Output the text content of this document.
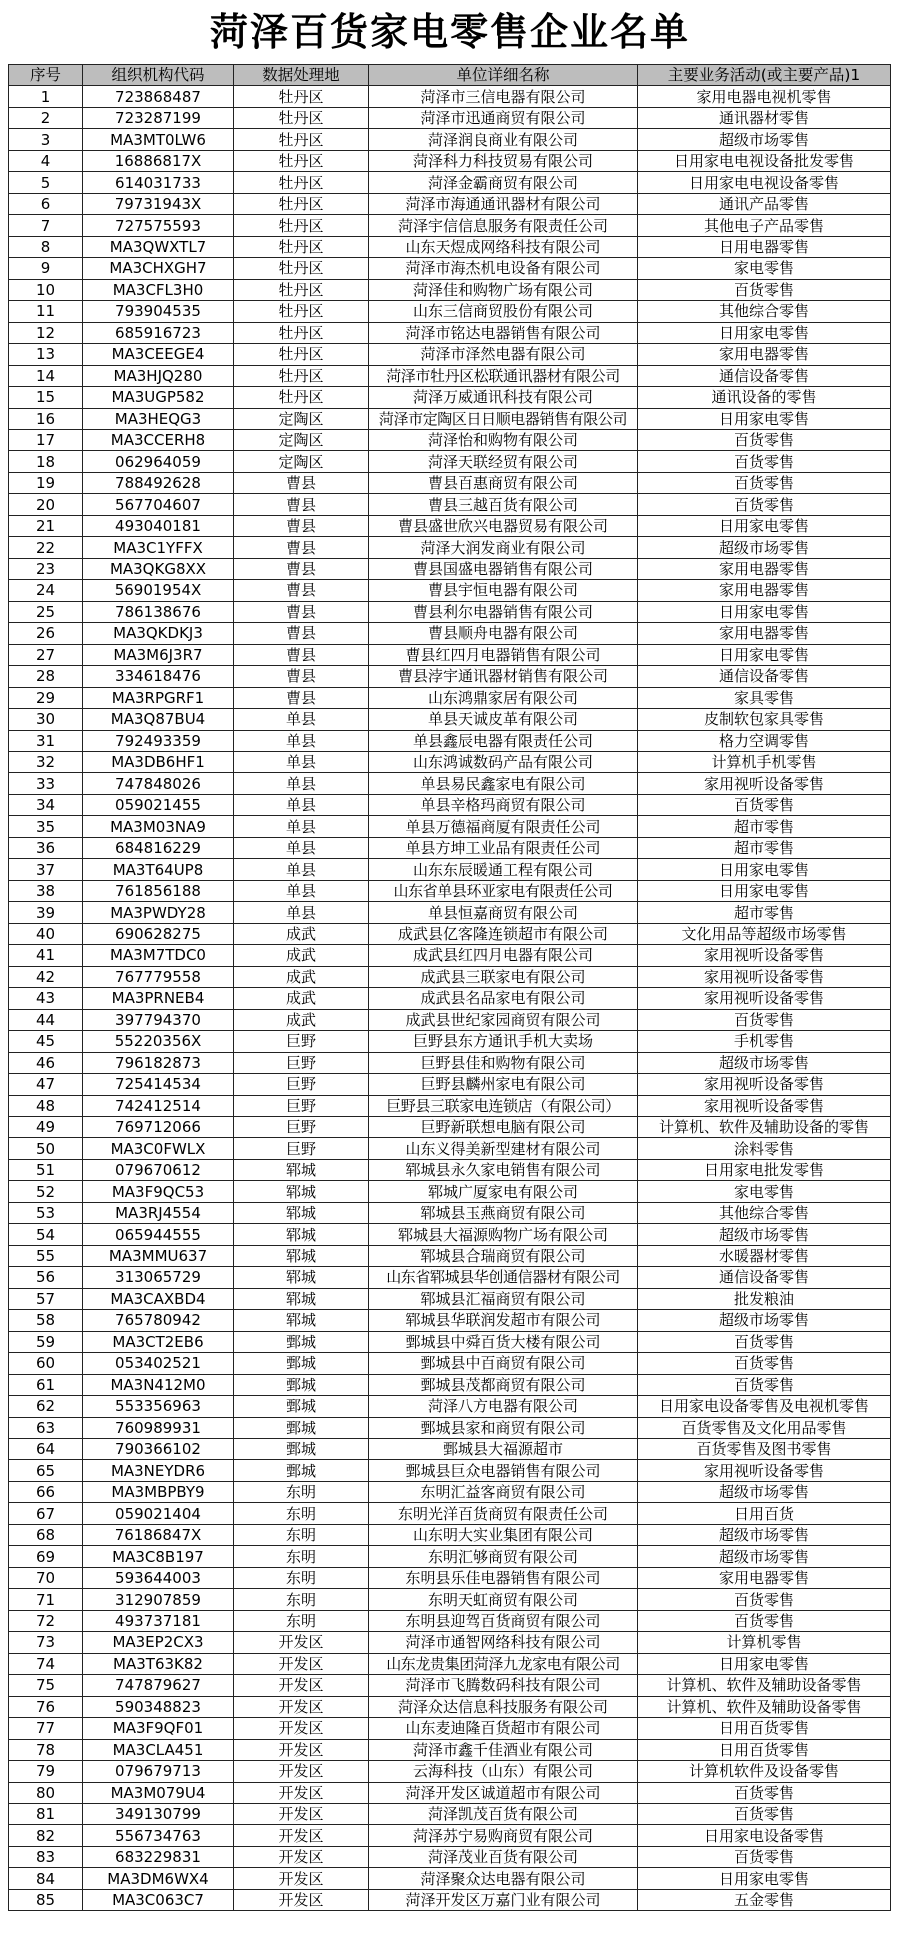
菏泽百货家电零售企业名单
序号	组织机构代码	数据处理地	单位详细名称	主要业务活动(或主要产品)1
1	723868487	牡丹区	菏泽市三信电器有限公司	家用电器电视机零售
2	723287199	牡丹区	菏泽市迅通商贸有限公司	通讯器材零售
3	MA3MT0LW6	牡丹区	菏泽润良商业有限公司	超级市场零售
4	16886817X	牡丹区	菏泽科力科技贸易有限公司	日用家电电视设备批发零售
5	614031733	牡丹区	菏泽金霸商贸有限公司	日用家电电视设备零售
6	79731943X	牡丹区	菏泽市海通通讯器材有限公司	通讯产品零售
7	727575593	牡丹区	菏泽宇信信息服务有限责任公司	其他电子产品零售
8	MA3QWXTL7	牡丹区	山东天煜成网络科技有限公司	日用电器零售
9	MA3CHXGH7	牡丹区	菏泽市海杰机电设备有限公司	家电零售
10	MA3CFL3H0	牡丹区	菏泽佳和购物广场有限公司	百货零售
11	793904535	牡丹区	山东三信商贸股份有限公司	其他综合零售
12	685916723	牡丹区	菏泽市铭达电器销售有限公司	日用家电零售
13	MA3CEEGE4	牡丹区	菏泽市泽然电器有限公司	家用电器零售
14	MA3HJQ280	牡丹区	菏泽市牡丹区松联通讯器材有限公司	通信设备零售
15	MA3UGP582	牡丹区	菏泽万威通讯科技有限公司	通讯设备的零售
16	MA3HEQG3	定陶区	菏泽市定陶区日日顺电器销售有限公司	日用家电零售
17	MA3CCERH8	定陶区	菏泽怡和购物有限公司	百货零售
18	062964059	定陶区	菏泽天联经贸有限公司	百货零售
19	788492628	曹县	曹县百惠商贸有限公司	百货零售
20	567704607	曹县	曹县三越百货有限公司	百货零售
21	493040181	曹县	曹县盛世欣兴电器贸易有限公司	日用家电零售
22	MA3C1YFFX	曹县	菏泽大润发商业有限公司	超级市场零售
23	MA3QKG8XX	曹县	曹县国盛电器销售有限公司	家用电器零售
24	56901954X	曹县	曹县宇恒电器有限公司	家用电器零售
25	786138676	曹县	曹县利尔电器销售有限公司	日用家电零售
26	MA3QKDKJ3	曹县	曹县顺舟电器有限公司	家用电器零售
27	MA3M6J3R7	曹县	曹县红四月电器销售有限公司	日用家电零售
28	334618476	曹县	曹县浡宇通讯器材销售有限公司	通信设备零售
29	MA3RPGRF1	曹县	山东鸿鼎家居有限公司	家具零售
30	MA3Q87BU4	单县	单县天诚皮革有限公司	皮制软包家具零售
31	792493359	单县	单县鑫辰电器有限责任公司	格力空调零售
32	MA3DB6HF1	单县	山东鸿诚数码产品有限公司	计算机手机零售
33	747848026	单县	单县易民鑫家电有限公司	家用视听设备零售
34	059021455	单县	单县辛格玛商贸有限公司	百货零售
35	MA3M03NA9	单县	单县万德福商厦有限责任公司	超市零售
36	684816229	单县	单县方坤工业品有限责任公司	超市零售
37	MA3T64UP8	单县	山东东辰暖通工程有限公司	日用家电零售
38	761856188	单县	山东省单县环亚家电有限责任公司	日用家电零售
39	MA3PWDY28	单县	单县恒嘉商贸有限公司	超市零售
40	690628275	成武	成武县亿客隆连锁超市有限公司	文化用品等超级市场零售
41	MA3M7TDC0	成武	成武县红四月电器有限公司	家用视听设备零售
42	767779558	成武	成武县三联家电有限公司	家用视听设备零售
43	MA3PRNEB4	成武	成武县名品家电有限公司	家用视听设备零售
44	397794370	成武	成武县世纪家园商贸有限公司	百货零售
45	55220356X	巨野	巨野县东方通讯手机大卖场	手机零售
46	796182873	巨野	巨野县佳和购物有限公司	超级市场零售
47	725414534	巨野	巨野县麟州家电有限公司	家用视听设备零售
48	742412514	巨野	巨野县三联家电连锁店（有限公司）	家用视听设备零售
49	769712066	巨野	巨野新联想电脑有限公司	计算机、软件及辅助设备的零售
50	MA3C0FWLX	巨野	山东义得美新型建材有限公司	涂料零售
51	079670612	郓城	郓城县永久家电销售有限公司	日用家电批发零售
52	MA3F9QC53	郓城	郓城广厦家电有限公司	家电零售
53	MA3RJ4554	郓城	郓城县玉燕商贸有限公司	其他综合零售
54	065944555	郓城	郓城县大福源购物广场有限公司	超级市场零售
55	MA3MMU637	郓城	郓城县合瑞商贸有限公司	水暖器材零售
56	313065729	郓城	山东省郓城县华创通信器材有限公司	通信设备零售
57	MA3CAXBD4	郓城	郓城县汇福商贸有限公司	批发粮油
58	765780942	郓城	郓城县华联润发超市有限公司	超级市场零售
59	MA3CT2EB6	鄄城	鄄城县中舜百货大楼有限公司	百货零售
60	053402521	鄄城	鄄城县中百商贸有限公司	百货零售
61	MA3N412M0	鄄城	鄄城县茂都商贸有限公司	百货零售
62	553356963	鄄城	菏泽八方电器有限公司	日用家电设备零售及电视机零售
63	760989931	鄄城	鄄城县家和商贸有限公司	百货零售及文化用品零售
64	790366102	鄄城	鄄城县大福源超市	百货零售及图书零售
65	MA3NEYDR6	鄄城	鄄城县巨众电器销售有限公司	家用视听设备零售
66	MA3MBPBY9	东明	东明汇益客商贸有限公司	超级市场零售
67	059021404	东明	东明光洋百货商贸有限责任公司	日用百货
68	76186847X	东明	山东明大实业集团有限公司	超级市场零售
69	MA3C8B197	东明	东明汇够商贸有限公司	超级市场零售
70	593644003	东明	东明县乐佳电器销售有限公司	家用电器零售
71	312907859	东明	东明天虹商贸有限公司	百货零售
72	493737181	东明	东明县迎驾百货商贸有限公司	百货零售
73	MA3EP2CX3	开发区	菏泽市通智网络科技有限公司	计算机零售
74	MA3T63K82	开发区	山东龙贵集团菏泽九龙家电有限公司	日用家电零售
75	747879627	开发区	菏泽市飞腾数码科技有限公司	计算机、软件及辅助设备零售
76	590348823	开发区	菏泽众达信息科技服务有限公司	计算机、软件及辅助设备零售
77	MA3F9QF01	开发区	山东麦迪隆百货超市有限公司	日用百货零售
78	MA3CLA451	开发区	菏泽市鑫千佳酒业有限公司	日用百货零售
79	079679713	开发区	云海科技（山东）有限公司	计算机软件及设备零售
80	MA3M079U4	开发区	菏泽开发区诚道超市有限公司	百货零售
81	349130799	开发区	菏泽凯茂百货有限公司	百货零售
82	556734763	开发区	菏泽苏宁易购商贸有限公司	日用家电设备零售
83	683229831	开发区	菏泽茂业百货有限公司	百货零售
84	MA3DM6WX4	开发区	菏泽聚众达电器有限公司	日用家电零售
85	MA3C063C7	开发区	菏泽开发区万嘉门业有限公司	五金零售
